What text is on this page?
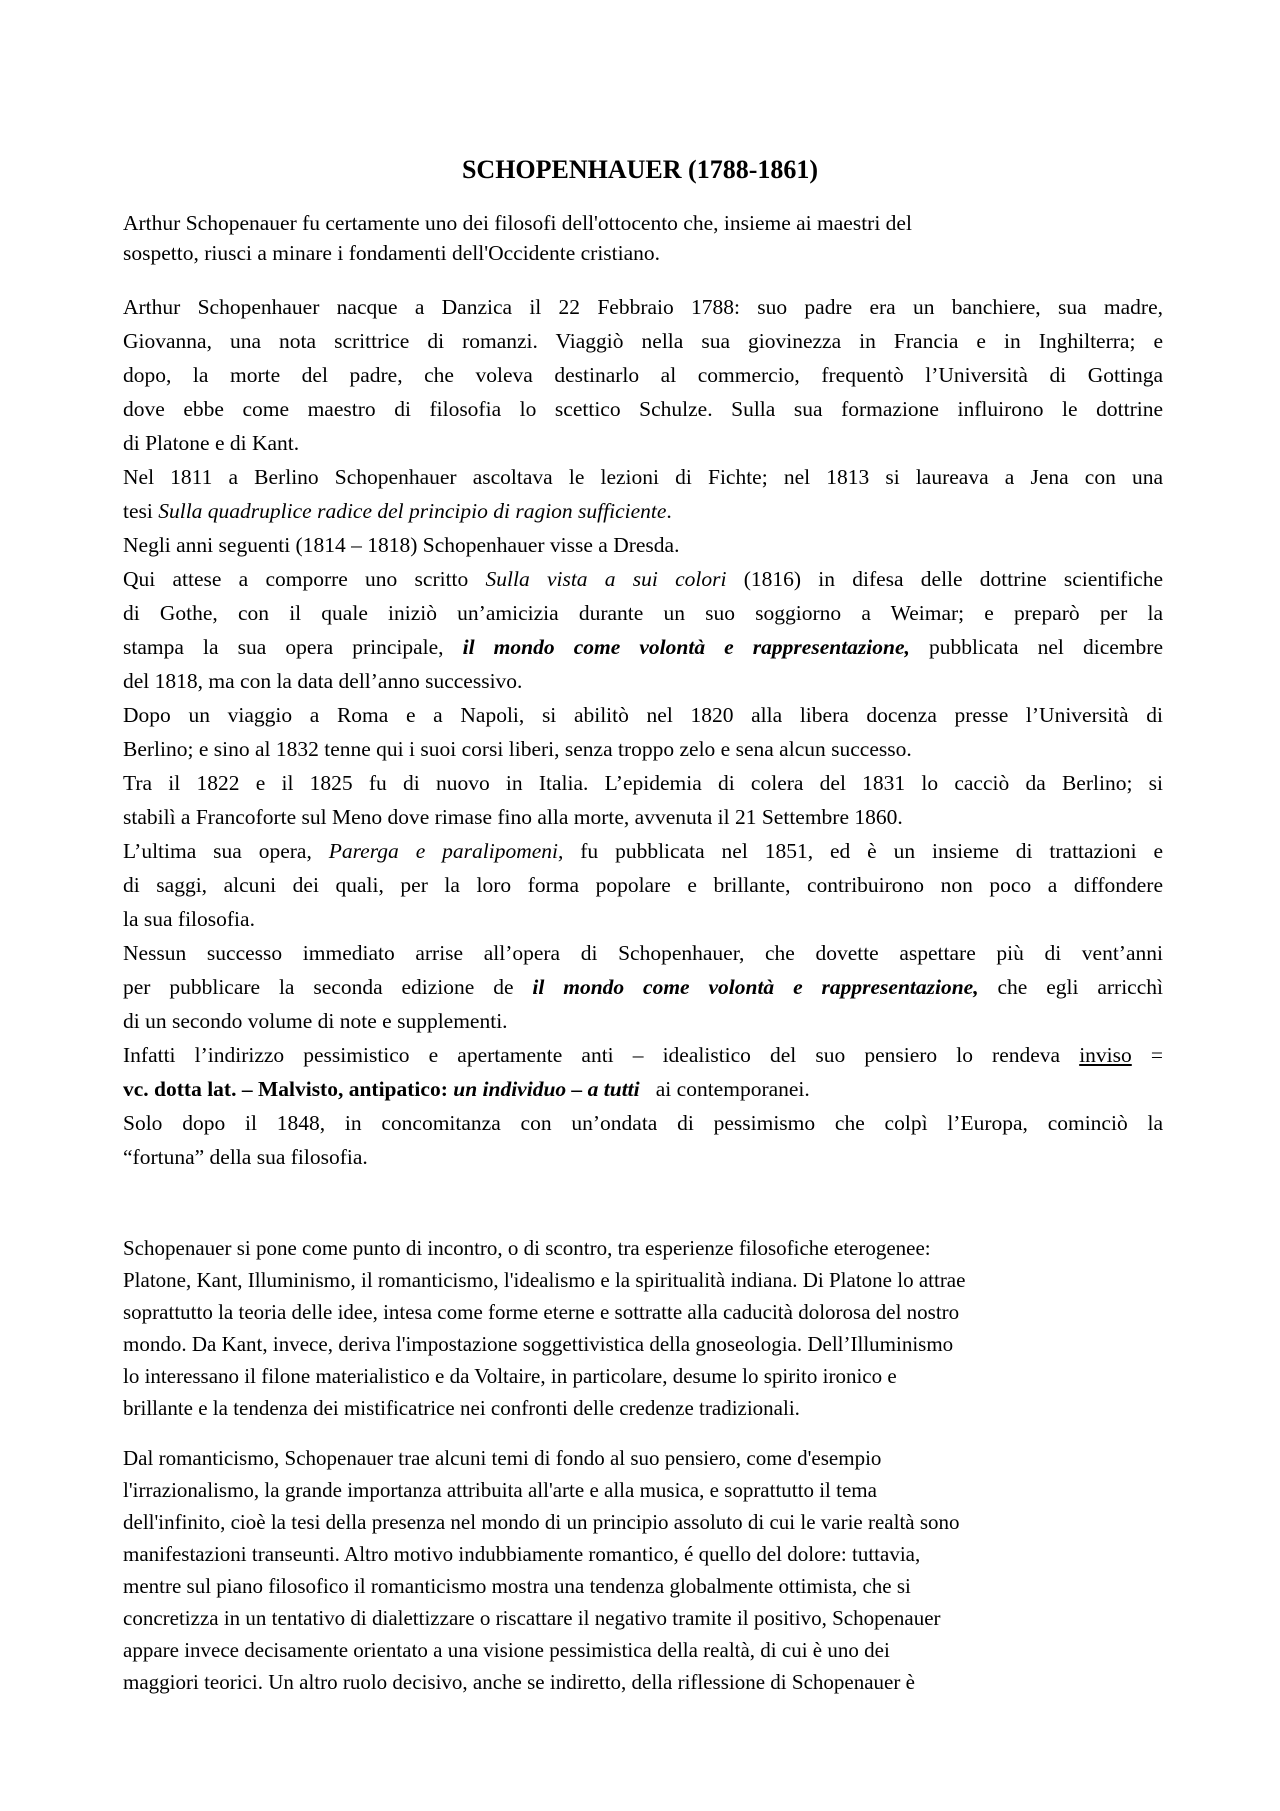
SCHOPENHAUER (1788-1861)

Arthur Schopenauer fu certamente uno dei filosofi dell'ottocento che, insieme ai maestri del

sospetto, riusci a minare i fondamenti dell'Occidente cristiano.

Arthur Schopenhauer nacque a Danzica il 22 Febbraio 1788: suo padre era un banchiere, sua madre,

Giovanna, una nota scrittrice di romanzi. Viaggiò nella sua giovinezza in Francia e in Inghilterra; e

dopo, la morte del padre, che voleva destinarlo al commercio, frequentò l’Università di Gottinga

dove ebbe come maestro di filosofia lo scettico Schulze. Sulla sua formazione influirono le dottrine

di Platone e di Kant.

Nel 1811 a Berlino Schopenhauer ascoltava le lezioni di Fichte; nel 1813 si laureava a Jena con una

tesi Sulla quadruplice radice del principio di ragion sufficiente.

Negli anni seguenti (1814 – 1818) Schopenhauer visse a Dresda.

Qui attese a comporre uno scritto Sulla vista a sui colori (1816) in difesa delle dottrine scientifiche

di Gothe, con il quale iniziò un’amicizia durante un suo soggiorno a Weimar; e preparò per la

stampa la sua opera principale, il mondo come volontà e rappresentazione, pubblicata nel dicembre

del 1818, ma con la data dell’anno successivo.

Dopo un viaggio a Roma e a Napoli, si abilitò nel 1820 alla libera docenza presse l’Università di

Berlino; e sino al 1832 tenne qui i suoi corsi liberi, senza troppo zelo e sena alcun successo.

Tra il 1822 e il 1825 fu di nuovo in Italia. L’epidemia di colera del 1831 lo cacciò da Berlino; si

stabilì a Francoforte sul Meno dove rimase fino alla morte, avvenuta il 21 Settembre 1860.

L’ultima sua opera, Parerga e paralipomeni, fu pubblicata nel 1851, ed è un insieme di trattazioni e

di saggi, alcuni dei quali, per la loro forma popolare e brillante, contribuirono non poco a diffondere

la sua filosofia.

Nessun successo immediato arrise all’opera di Schopenhauer, che dovette aspettare più di vent’anni

per pubblicare la seconda edizione de il mondo come volontà e rappresentazione, che egli arricchì

di un secondo volume di note e supplementi.

Infatti l’indirizzo pessimistico e apertamente anti – idealistico del suo pensiero lo rendeva inviso =

vc. dotta lat. – Malvisto, antipatico: un individuo – a tutti   ai contemporanei.

Solo dopo il 1848, in concomitanza con un’ondata di pessimismo che colpì l’Europa, cominciò la

“fortuna” della sua filosofia.

Schopenauer si pone come punto di incontro, o di scontro, tra esperienze filosofiche eterogenee:

Platone, Kant, Illuminismo, il romanticismo, l'idealismo e la spiritualità indiana. Di Platone lo attrae

soprattutto la teoria delle idee, intesa come forme eterne e sottratte alla caducità dolorosa del nostro

mondo. Da Kant, invece, deriva l'impostazione soggettivistica della gnoseologia. Dell’Illuminismo

lo interessano il filone materialistico e da Voltaire, in particolare, desume lo spirito ironico e

brillante e la tendenza dei mistificatrice nei confronti delle credenze tradizionali.

Dal romanticismo, Schopenauer trae alcuni temi di fondo al suo pensiero, come d'esempio

l'irrazionalismo, la grande importanza attribuita all'arte e alla musica, e soprattutto il tema

dell'infinito, cioè la tesi della presenza nel mondo di un principio assoluto di cui le varie realtà sono

manifestazioni transeunti. Altro motivo indubbiamente romantico, é quello del dolore: tuttavia,

mentre sul piano filosofico il romanticismo mostra una tendenza globalmente ottimista, che si

concretizza in un tentativo di dialettizzare o riscattare il negativo tramite il positivo, Schopenauer

appare invece decisamente orientato a una visione pessimistica della realtà, di cui è uno dei

maggiori teorici. Un altro ruolo decisivo, anche se indiretto, della riflessione di Schopenauer è
